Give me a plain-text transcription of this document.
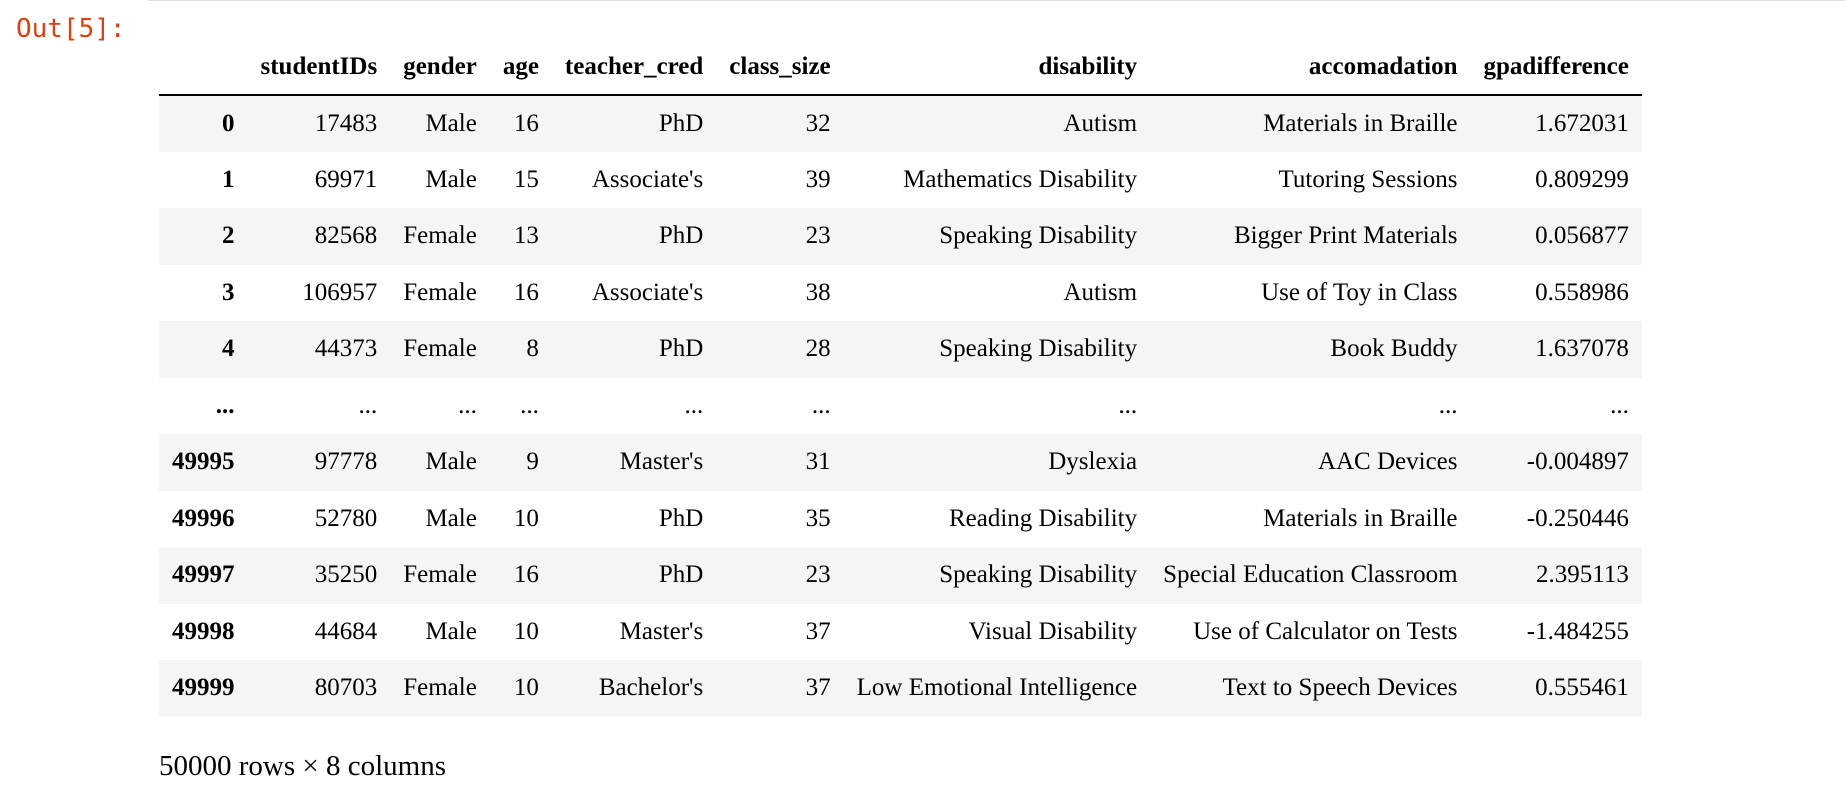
Out[5]:
	studentIDs	gender	age	teacher_cred	class_size	disability	accomadation	gpadifference
0	17483	Male	16	PhD	32	Autism	Materials in Braille	1.672031
1	69971	Male	15	Associate's	39	Mathematics Disability	Tutoring Sessions	0.809299
2	82568	Female	13	PhD	23	Speaking Disability	Bigger Print Materials	0.056877
3	106957	Female	16	Associate's	38	Autism	Use of Toy in Class	0.558986
4	44373	Female	8	PhD	28	Speaking Disability	Book Buddy	1.637078
...	...	...	...	...	...	...	...	...
49995	97778	Male	9	Master's	31	Dyslexia	AAC Devices	-0.004897
49996	52780	Male	10	PhD	35	Reading Disability	Materials in Braille	-0.250446
49997	35250	Female	16	PhD	23	Speaking Disability	Special Education Classroom	2.395113
49998	44684	Male	10	Master's	37	Visual Disability	Use of Calculator on Tests	-1.484255
49999	80703	Female	10	Bachelor's	37	Low Emotional Intelligence	Text to Speech Devices	0.555461
50000 rows × 8 columns
